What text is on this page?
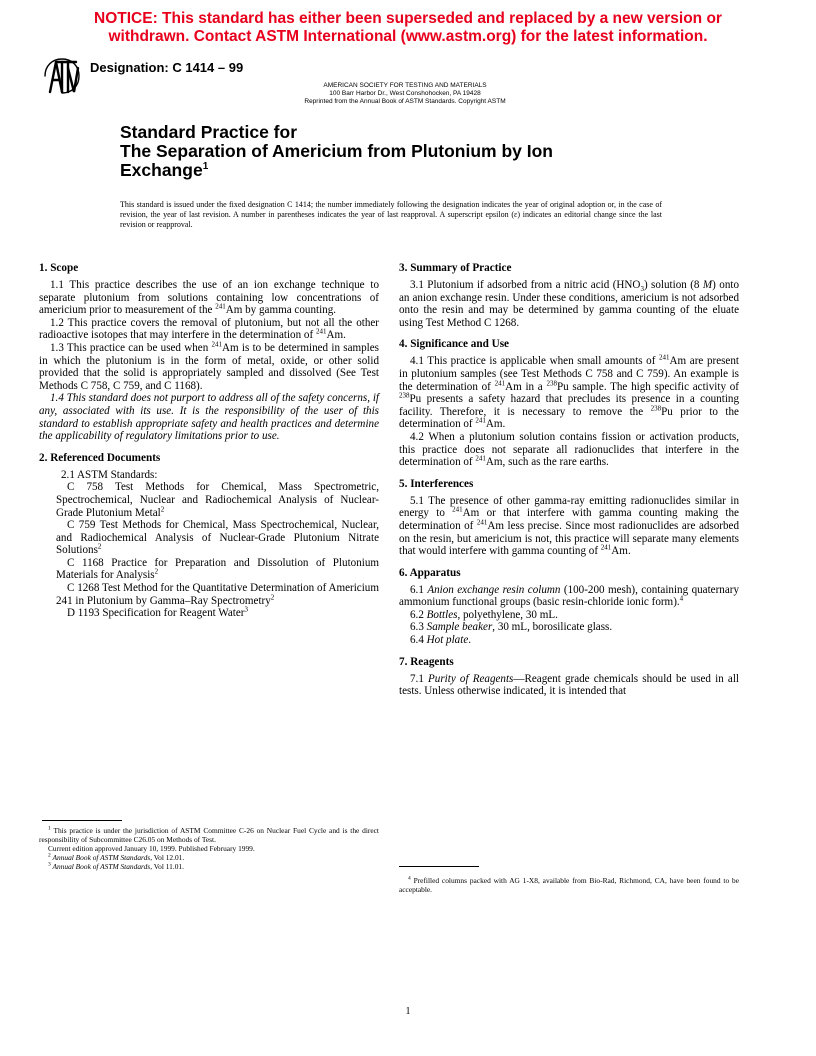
NOTICE: This standard has either been superseded and replaced by a new version or
withdrawn. Contact ASTM International (www.astm.org) for the latest information.
Designation: C 1414 – 99
AMERICAN SOCIETY FOR TESTING AND MATERIALS
100 Barr Harbor Dr., West Conshohocken, PA 19428
Reprinted from the Annual Book of ASTM Standards. Copyright ASTM
Standard Practice for
The Separation of Americium from Plutonium by Ion
Exchange$^1$
This standard is issued under the fixed designation C 1414; the number immediately following the designation indicates the year of original adoption or, in the case of revision, the year of last revision. A number in parentheses indicates the year of last reapproval. A superscript epsilon (ε) indicates an editorial change since the last revision or reapproval.
1. Scope

1.1 This practice describes the use of an ion exchange technique to separate plutonium from solutions containing low concentrations of americium prior to measurement of the $^{241}$Am by gamma counting.

1.2 This practice covers the removal of plutonium, but not all the other radioactive isotopes that may interfere in the determination of $^{241}$Am.

1.3 This practice can be used when $^{241}$Am is to be determined in samples in which the plutonium is in the form of metal, oxide, or other solid provided that the solid is appropriately sampled and dissolved (See Test Methods C 758, C 759, and C 1168).

1.4 This standard does not purport to address all of the safety concerns, if any, associated with its use. It is the responsibility of the user of this standard to establish appropriate safety and health practices and determine the applicability of regulatory limitations prior to use.

2. Referenced Documents

2.1 ASTM Standards:

C 758 Test Methods for Chemical, Mass Spectrometric, Spectrochemical, Nuclear and Radiochemical Analysis of Nuclear-Grade Plutonium Metal$^2$

C 759 Test Methods for Chemical, Mass Spectrochemical, Nuclear, and Radiochemical Analysis of Nuclear-Grade Plutonium Nitrate Solutions$^2$

C 1168 Practice for Preparation and Dissolution of Plutonium Materials for Analysis$^2$

C 1268 Test Method for the Quantitative Determination of Americium 241 in Plutonium by Gamma–Ray Spectrometry$^2$

D 1193 Specification for Reagent Water$^3$

3. Summary of Practice

3.1 Plutonium if adsorbed from a nitric acid $(HNO_3)$ solution (8 M) onto an anion exchange resin. Under these conditions, americium is not adsorbed onto the resin and may be determined by gamma counting of the eluate using Test Method C 1268.

4. Significance and Use

4.1 This practice is applicable when small amounts of $^{241}$Am are present in plutonium samples (see Test Methods C 758 and C 759). An example is the determination of $^{241}$Am in a $^{238}$Pu sample. The high specific activity of $^{238}$Pu presents a safety hazard that precludes its presence in a counting facility. Therefore, it is necessary to remove the $^{238}$Pu prior to the determination of $^{241}$Am.

4.2 When a plutonium solution contains fission or activation products, this practice does not separate all radionuclides that interfere in the determination of $^{241}$Am, such as the rare earths.

5. Interferences

5.1 The presence of other gamma-ray emitting radionuclides similar in energy to $^{241}$Am or that interfere with gamma counting making the determination of $^{241}$Am less precise. Since most radionuclides are adsorbed on the resin, but americium is not, this practice will separate many elements that would interfere with gamma counting of $^{241}$Am.

6. Apparatus

6.1 Anion exchange resin column (100-200 mesh), containing quaternary ammonium functional groups (basic resin-chloride ionic form).$^4$

6.2 Bottles, polyethylene, 30 mL.

6.3 Sample beaker, 30 mL, borosilicate glass.

6.4 Hot plate.

7. Reagents

7.1 Purity of Reagents—Reagent grade chemicals should be used in all tests. Unless otherwise indicated, it is intended that

$^1$ This practice is under the jurisdiction of ASTM Committee C-26 on Nuclear Fuel Cycle and is the direct responsibility of Subcommittee C26.05 on Methods of Test.

Current edition approved January 10, 1999. Published February 1999.

$^2$ Annual Book of ASTM Standards, Vol 12.01.

$^3$ Annual Book of ASTM Standards, Vol 11.01.

$^4$ Prefilled columns packed with AG 1-X8, available from Bio-Rad, Richmond, CA, have been found to be acceptable.

1
